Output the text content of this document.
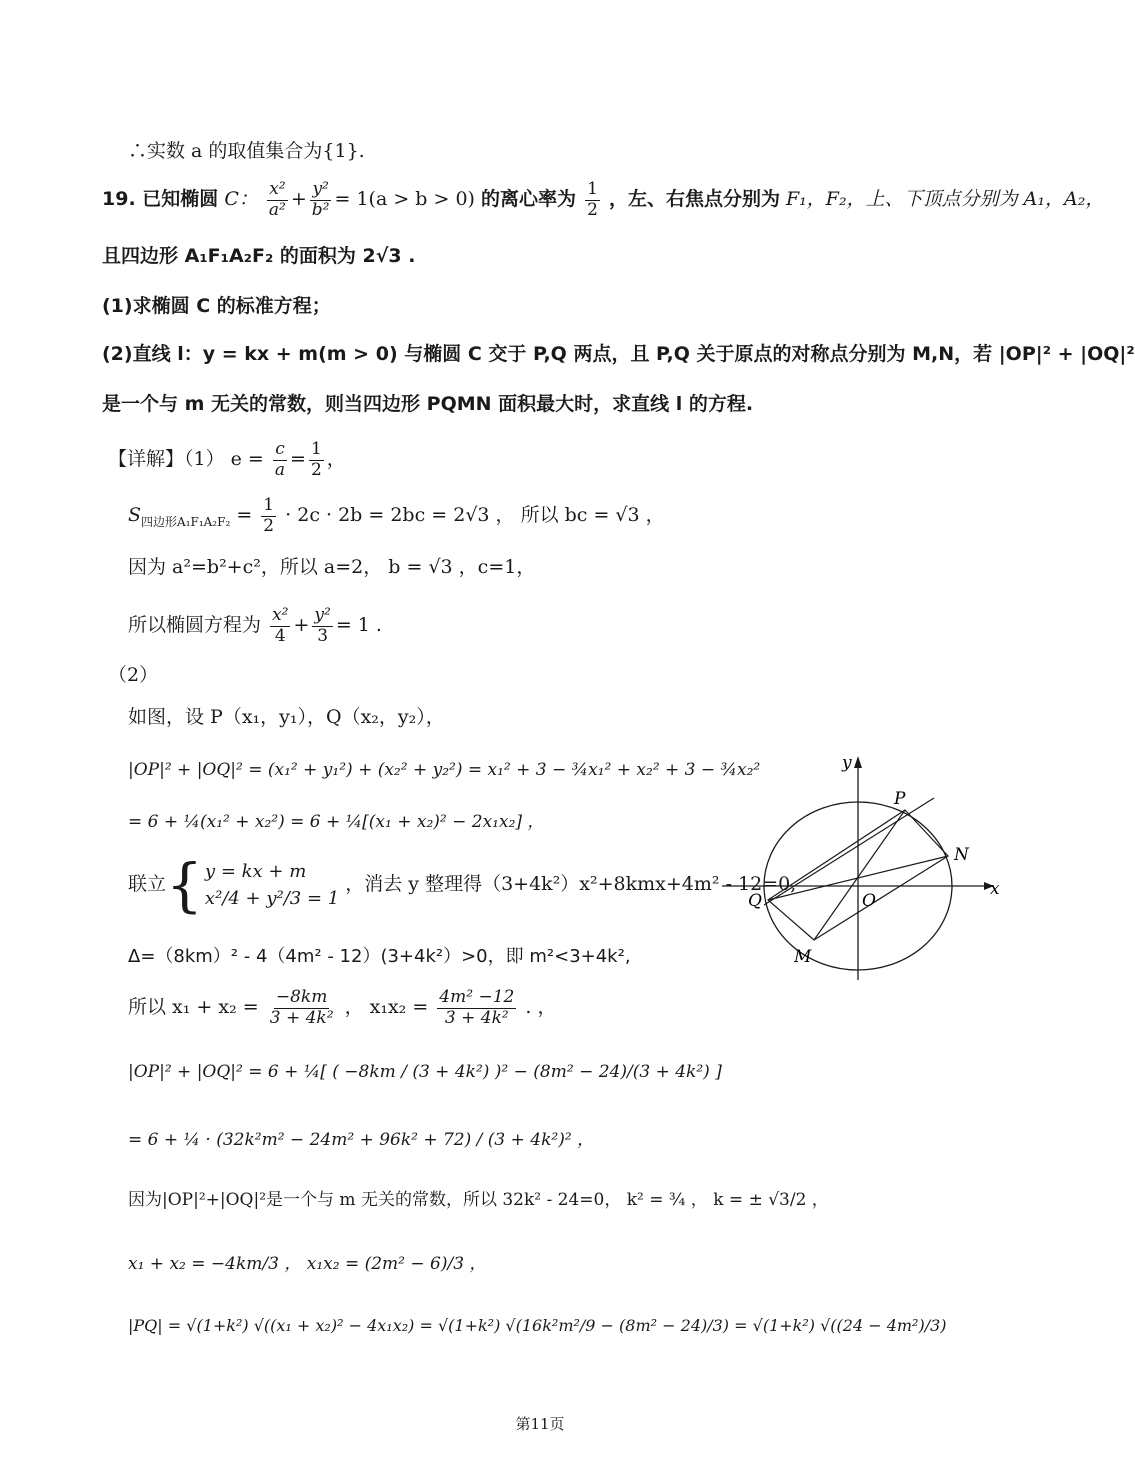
∴实数 a 的取值集合为{1}.
19. 已知椭圆 C： $\frac{\text{x²}}{\text{a²}} + \frac{\text{y²}}{\text{b²}} = 1(a > b > 0)$ 的离心率为 $\frac{1}{2}$ ，左、右焦点分别为 F₁，F₂，上、下顶点分别为 A₁，A₂，
且四边形 A₁F₁A₂F₂ 的面积为 2√3 .
(1)求椭圆 C 的标准方程；
(2)直线 l：y = kx + m(m > 0) 与椭圆 C 交于 P,Q 两点，且 P,Q 关于原点的对称点分别为 M,N，若 |OP|² + |OQ|²
是一个与 m 无关的常数，则当四边形 PQMN 面积最大时，求直线 l 的方程.
【详解】（1） $e = \frac{c}{a} = \frac{1}{2}$ ，
$S_{四边形A_1F_1A_2F_2} = \frac{1}{2} \cdot 2c \cdot 2b = 2bc = 2√3$ ， 所以 bc = √3 ，
因为 a²=b²+c²，所以 a=2， b = √3 ，c=1，
所以椭圆方程为 $\frac{\text{x²}}{4} + \frac{\text{y²}}{3} = 1$ .
（2）
如图，设 P（x₁，y₁），Q（x₂，y₂），
|OP|² + |OQ|² = (x₁² + y₁²) + (x₂² + y₂²) = x₁² + 3 − ¾x₁² + x₂² + 3 − ¾x₂²
= 6 + ¼(x₁² + x₂²) = 6 + ¼[(x₁ + x₂)² − 2x₁x₂] ，
联立{ y = kx + m
x²/4 + y²/3 = 1
，消去 y 整理得（3+4k²）x²+8kmx+4m² - 12=0,
Δ=（8km）² - 4（4m² - 12）(3+4k²）>0，即 m²<3+4k²,
所以 $x_1 + x_2 = \frac{-8km}{\text{3 + 4k²}}$ ， $x_1x_2 = \frac{\text{4m² −12}}{\text{3 + 4k²}}$ . ，
|OP|² + |OQ|² = 6 + ¼[ ( −8km / (3 + 4k²) )² − (8m² − 24)/(3 + 4k²) ]
= 6 + ¼ · (32k²m² − 24m² + 96k² + 72) / (3 + 4k²)² ，
因为|OP|²+|OQ|²是一个与 m 无关的常数，所以 32k² - 24=0， k² = ¾ ， k = ± √3/2 ，
x₁ + x₂ = −4km/3 ， x₁x₂ = (2m² − 6)/3 ，
|PQ| = √(1+k²) √((x₁ + x₂)² − 4x₁x₂) = √(1+k²) √(16k²m²/9 − (8m² − 24)/3) = √(1+k²) √((24 − 4m²)/3)
y
x
P
N
O
Q
M
第11页
